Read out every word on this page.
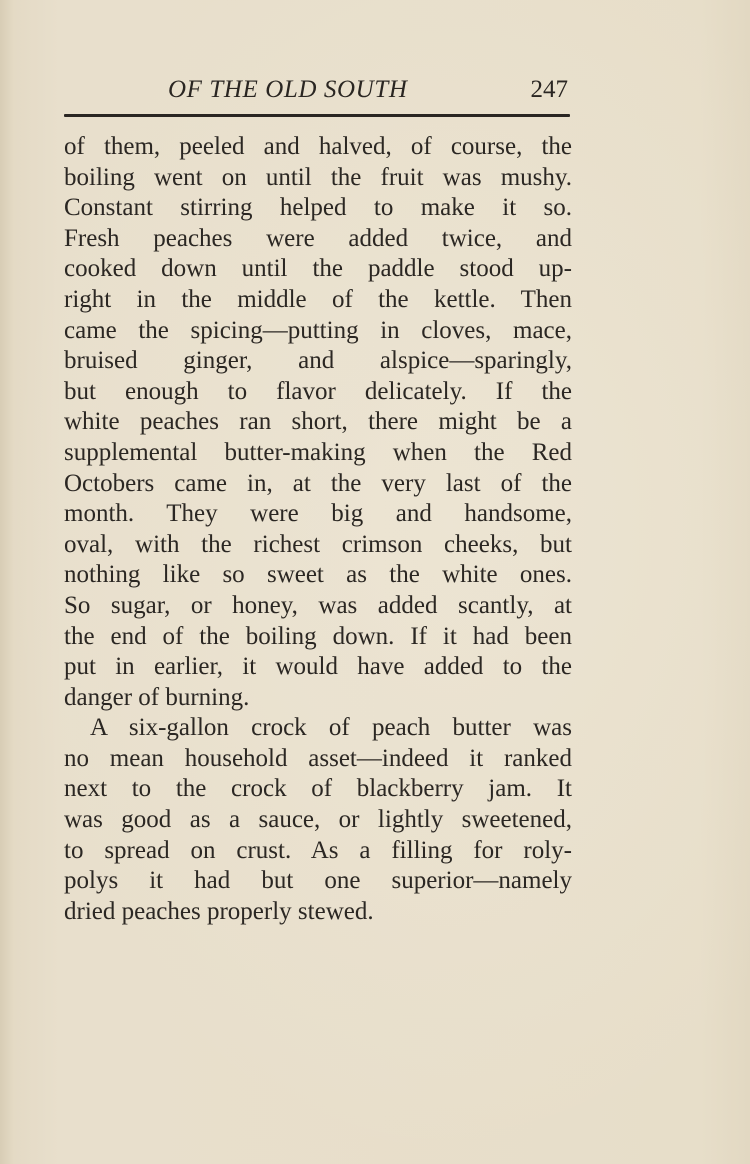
OF THE OLD SOUTH	247
of them, peeled and halved, of course, the
boiling went on until the fruit was mushy.
Constant stirring helped to make it so.
Fresh peaches were added twice, and
cooked down until the paddle stood up-
right in the middle of the kettle. Then
came the spicing—putting in cloves, mace,
bruised ginger, and alspice—sparingly,
but enough to flavor delicately. If the
white peaches ran short, there might be a
supplemental butter-making when the Red
Octobers came in, at the very last of the
month. They were big and handsome,
oval, with the richest crimson cheeks, but
nothing like so sweet as the white ones.
So sugar, or honey, was added scantly, at
the end of the boiling down. If it had been
put in earlier, it would have added to the
danger of burning.
A six-gallon crock of peach butter was
no mean household asset—indeed it ranked
next to the crock of blackberry jam. It
was good as a sauce, or lightly sweetened,
to spread on crust. As a filling for roly-
polys it had but one superior—namely
dried peaches properly stewed.
